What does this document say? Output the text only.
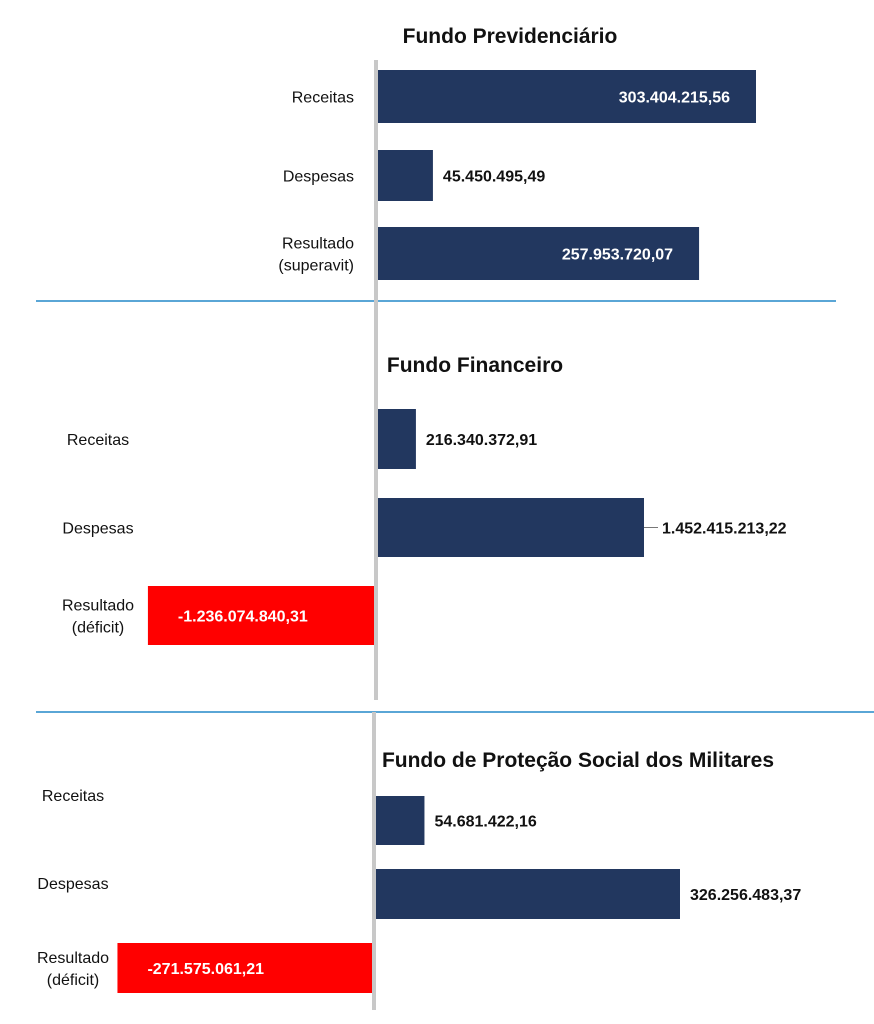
Fundo Previdenciário
Receitas	303.404.215,56
Despesas	45.450.495,49
Resultado (superavit)
257.953.720,07
Fundo Financeiro
Receitas	216.340.372,91
Despesas	1.452.415.213,22
Resultado (déficit)
-1.236.074.840,31
Fundo de Proteção Social dos Militares
Receitas
54.681.422,16
Despesas
326.256.483,37
Resultado (déficit)
-271.575.061,21
